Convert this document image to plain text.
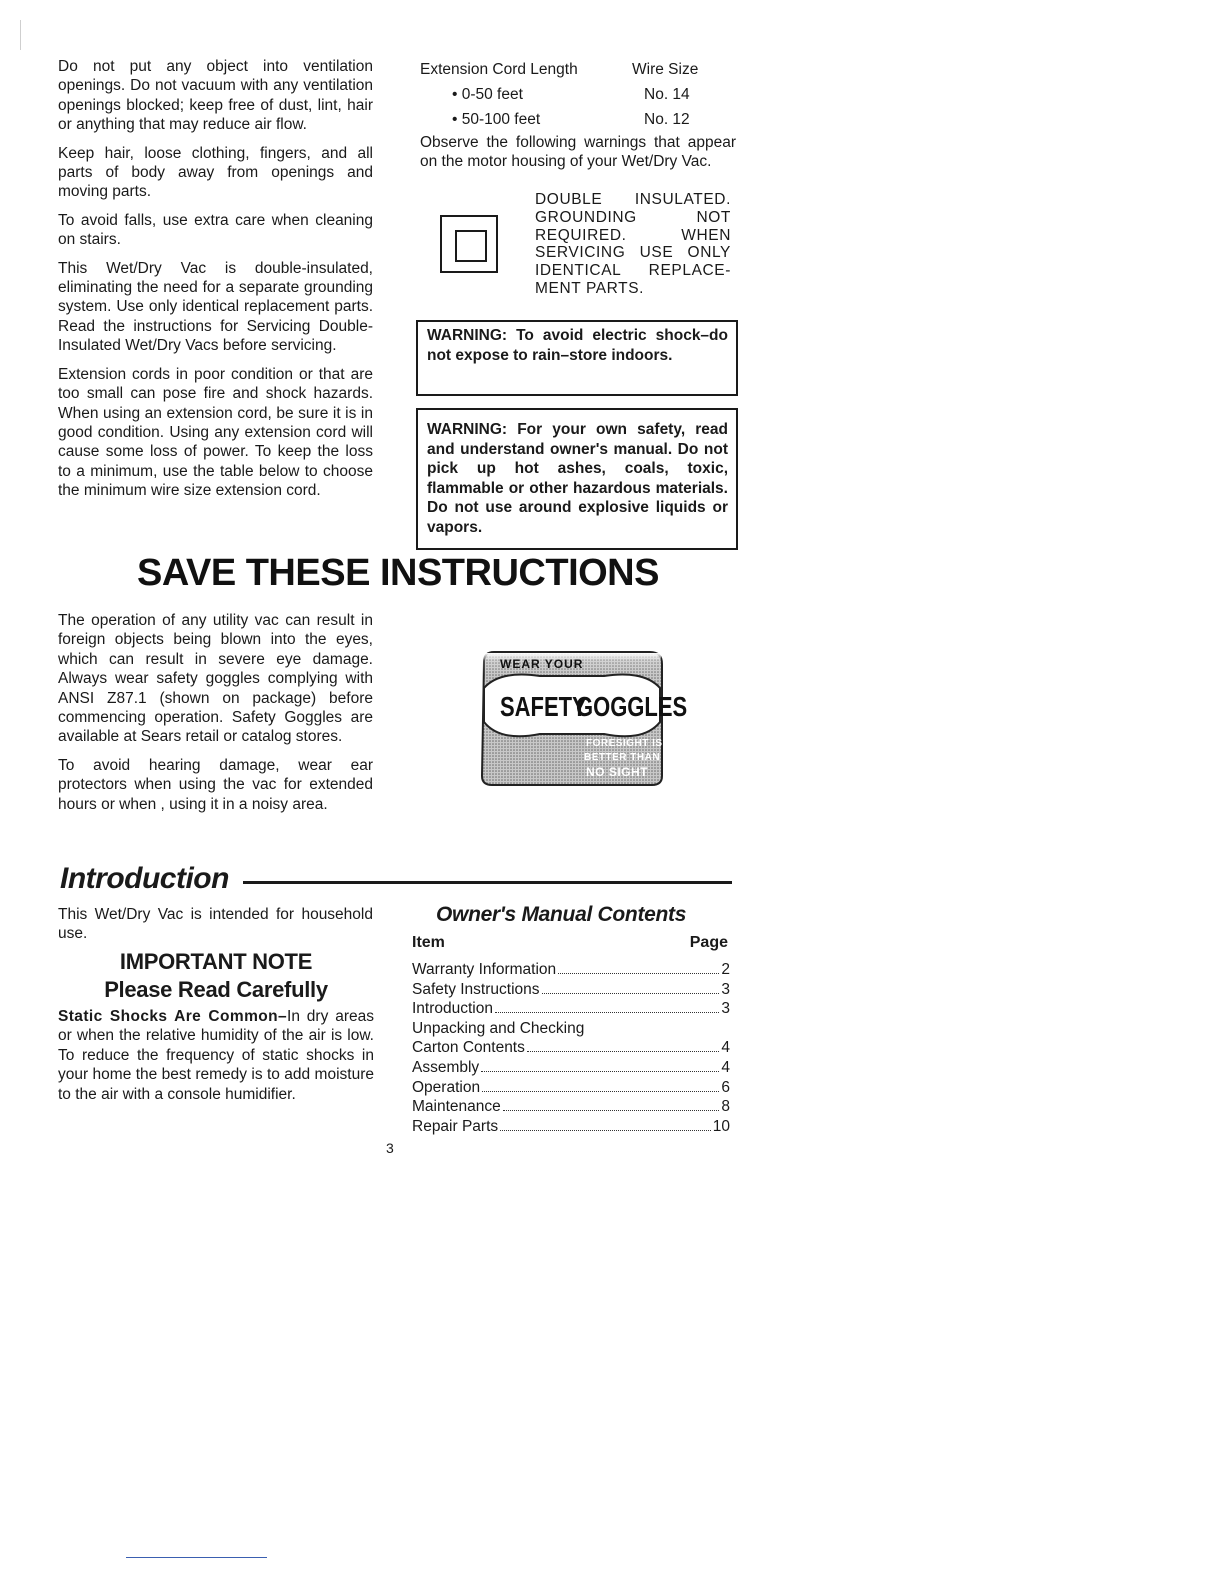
Do not put any object into ventilation openings. Do not vacuum with any ventilation openings blocked; keep free of dust, lint, hair or anything that may reduce air flow.

Keep hair, loose clothing, fingers, and all parts of body away from openings and moving parts.

To avoid falls, use extra care when cleaning on stairs.

This Wet/Dry Vac is double-insulated, eliminating the need for a separate grounding system. Use only identical replacement parts. Read the instructions for Servicing Double-Insulated Wet/Dry Vacs before servicing.

Extension cords in poor condition or that are too small can pose fire and shock hazards. When using an extension cord, be sure it is in good condition. Using any extension cord will cause some loss of power. To keep the loss to a minimum, use the table below to choose the minimum wire size extension cord.

Extension Cord Length	Wire Size
• 0-50 feet	No. 14
• 50-100 feet	No. 12

Observe the following warnings that appear on the motor housing of your Wet/Dry Vac.

DOUBLE INSULATED. GROUNDING NOT REQUIRED. WHEN SERVICING USE ONLY IDENTICAL REPLACE-MENT PARTS.

WARNING: To avoid electric shock–do not expose to rain–store indoors.
WARNING: For your own safety, read and understand owner's manual. Do not pick up hot ashes, coals, toxic, flammable or other hazardous materials. Do not use around explosive liquids or vapors.
SAVE THESE INSTRUCTIONS

The operation of any utility vac can result in foreign objects being blown into the eyes, which can result in severe eye damage. Always wear safety goggles complying with ANSI Z87.1 (shown on package) before commencing operation. Safety Goggles are available at Sears retail or catalog stores.

To avoid hearing damage, wear ear protectors when using the vac for extended hours or when , using it in a noisy area.

WEAR YOUR
SAFETY
GOGGLES
FORESIGHT IS
BETTER THAN
NO SIGHT
Introduction

This Wet/Dry Vac is intended for household use.

IMPORTANT NOTE
Please Read Carefully

Static Shocks Are Common–In dry areas or when the relative humidity of the air is low. To reduce the frequency of static shocks in your home the best remedy is to add moisture to the air with a console humidifier.

Owner's Manual Contents
Item	Page
Warranty Information	2
Safety Instructions	3
Introduction	3
Unpacking and Checking
Carton Contents	4
Assembly	4
Operation	6
Maintenance	8
Repair Parts	10
3
